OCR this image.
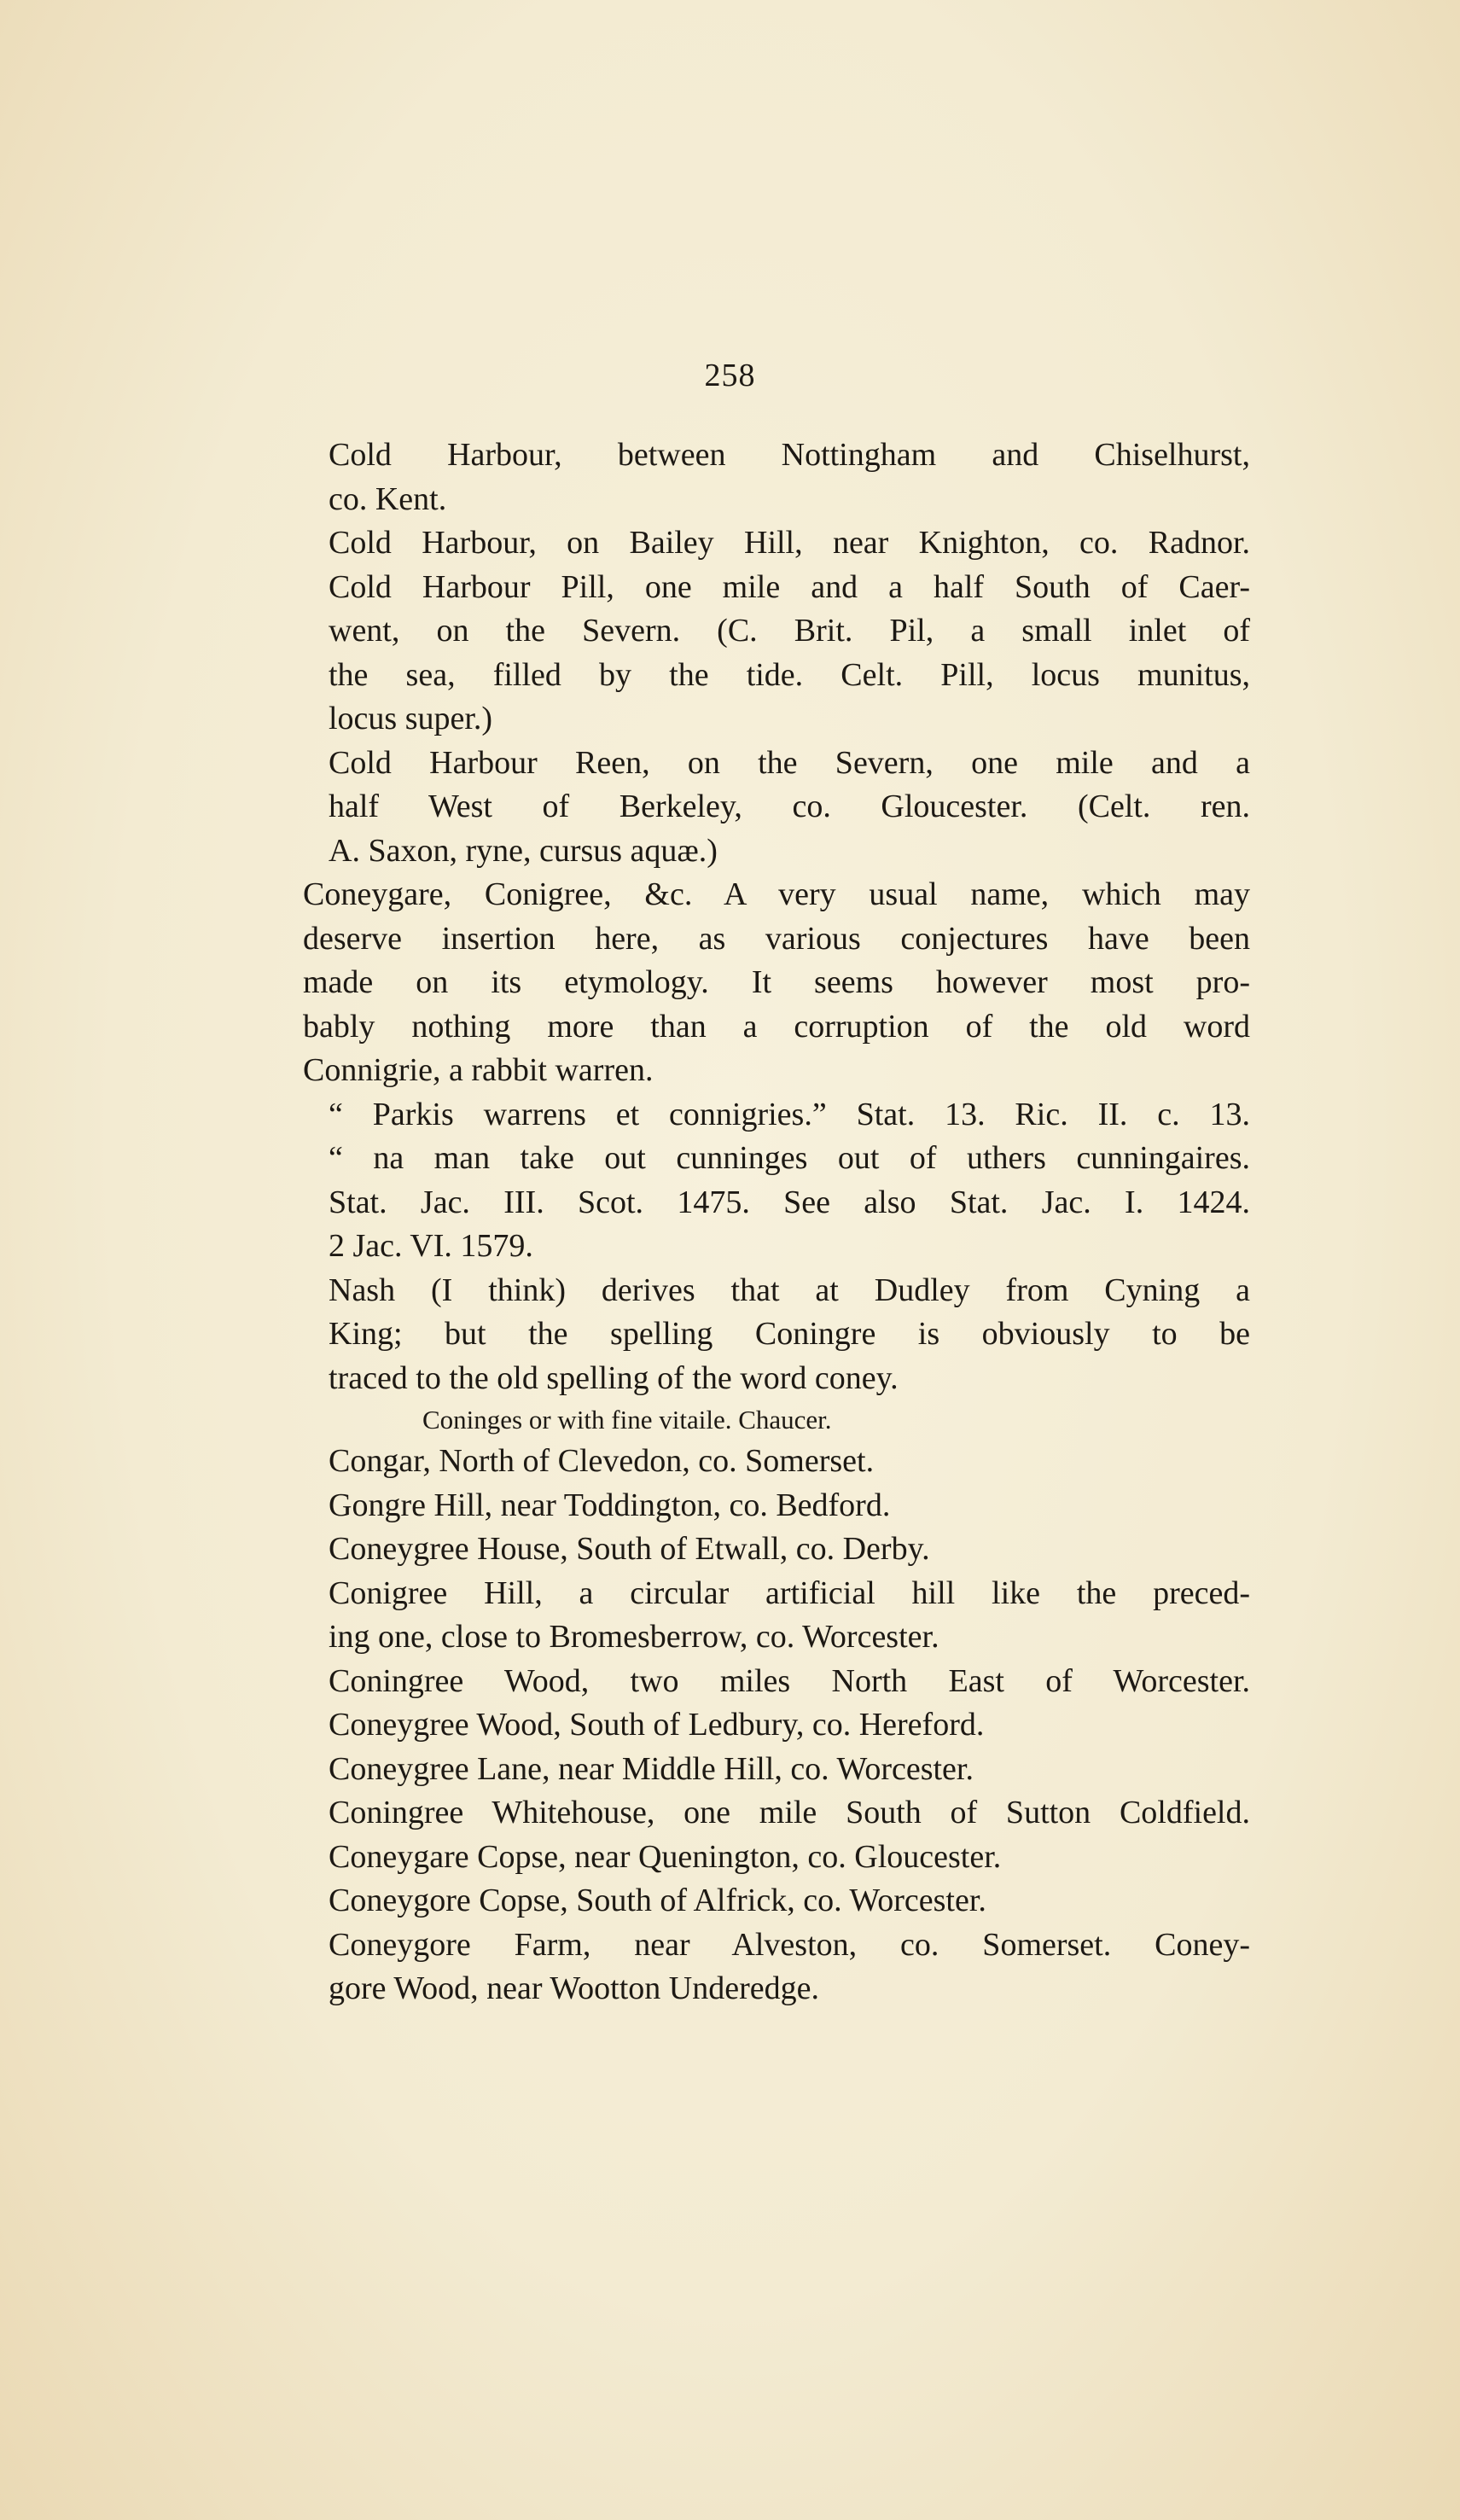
258
Cold Harbour, between Nottingham and Chiselhurst,
co. Kent.
Cold Harbour, on Bailey Hill, near Knighton, co. Radnor.
Cold Harbour Pill, one mile and a half South of Caer-
went, on the Severn. (C. Brit. Pil, a small inlet of
the sea, filled by the tide. Celt. Pill, locus munitus,
locus super.)
Cold Harbour Reen, on the Severn, one mile and a
half West of Berkeley, co. Gloucester. (Celt. ren.
A. Saxon, ryne, cursus aquæ.)
Coneygare, Conigree, &c. A very usual name, which may
deserve insertion here, as various conjectures have been
made on its etymology. It seems however most pro-
bably nothing more than a corruption of the old word
Connigrie, a rabbit warren.
“ Parkis warrens et connigries.” Stat. 13. Ric. II. c. 13.
“ na man take out cunninges out of uthers cunningaires.
Stat. Jac. III. Scot. 1475. See also Stat. Jac. I. 1424.
2 Jac. VI. 1579.
Nash (I think) derives that at Dudley from Cyning a
King; but the spelling Coningre is obviously to be
traced to the old spelling of the word coney.
Coninges or with fine vitaile. Chaucer.
Congar, North of Clevedon, co. Somerset.
Gongre Hill, near Toddington, co. Bedford.
Coneygree House, South of Etwall, co. Derby.
Conigree Hill, a circular artificial hill like the preced-
ing one, close to Bromesberrow, co. Worcester.
Coningree Wood, two miles North East of Worcester.
Coneygree Wood, South of Ledbury, co. Hereford.
Coneygree Lane, near Middle Hill, co. Worcester.
Coningree Whitehouse, one mile South of Sutton Coldfield.
Coneygare Copse, near Quenington, co. Gloucester.
Coneygore Copse, South of Alfrick, co. Worcester.
Coneygore Farm, near Alveston, co. Somerset. Coney-
gore Wood, near Wootton Underedge.
